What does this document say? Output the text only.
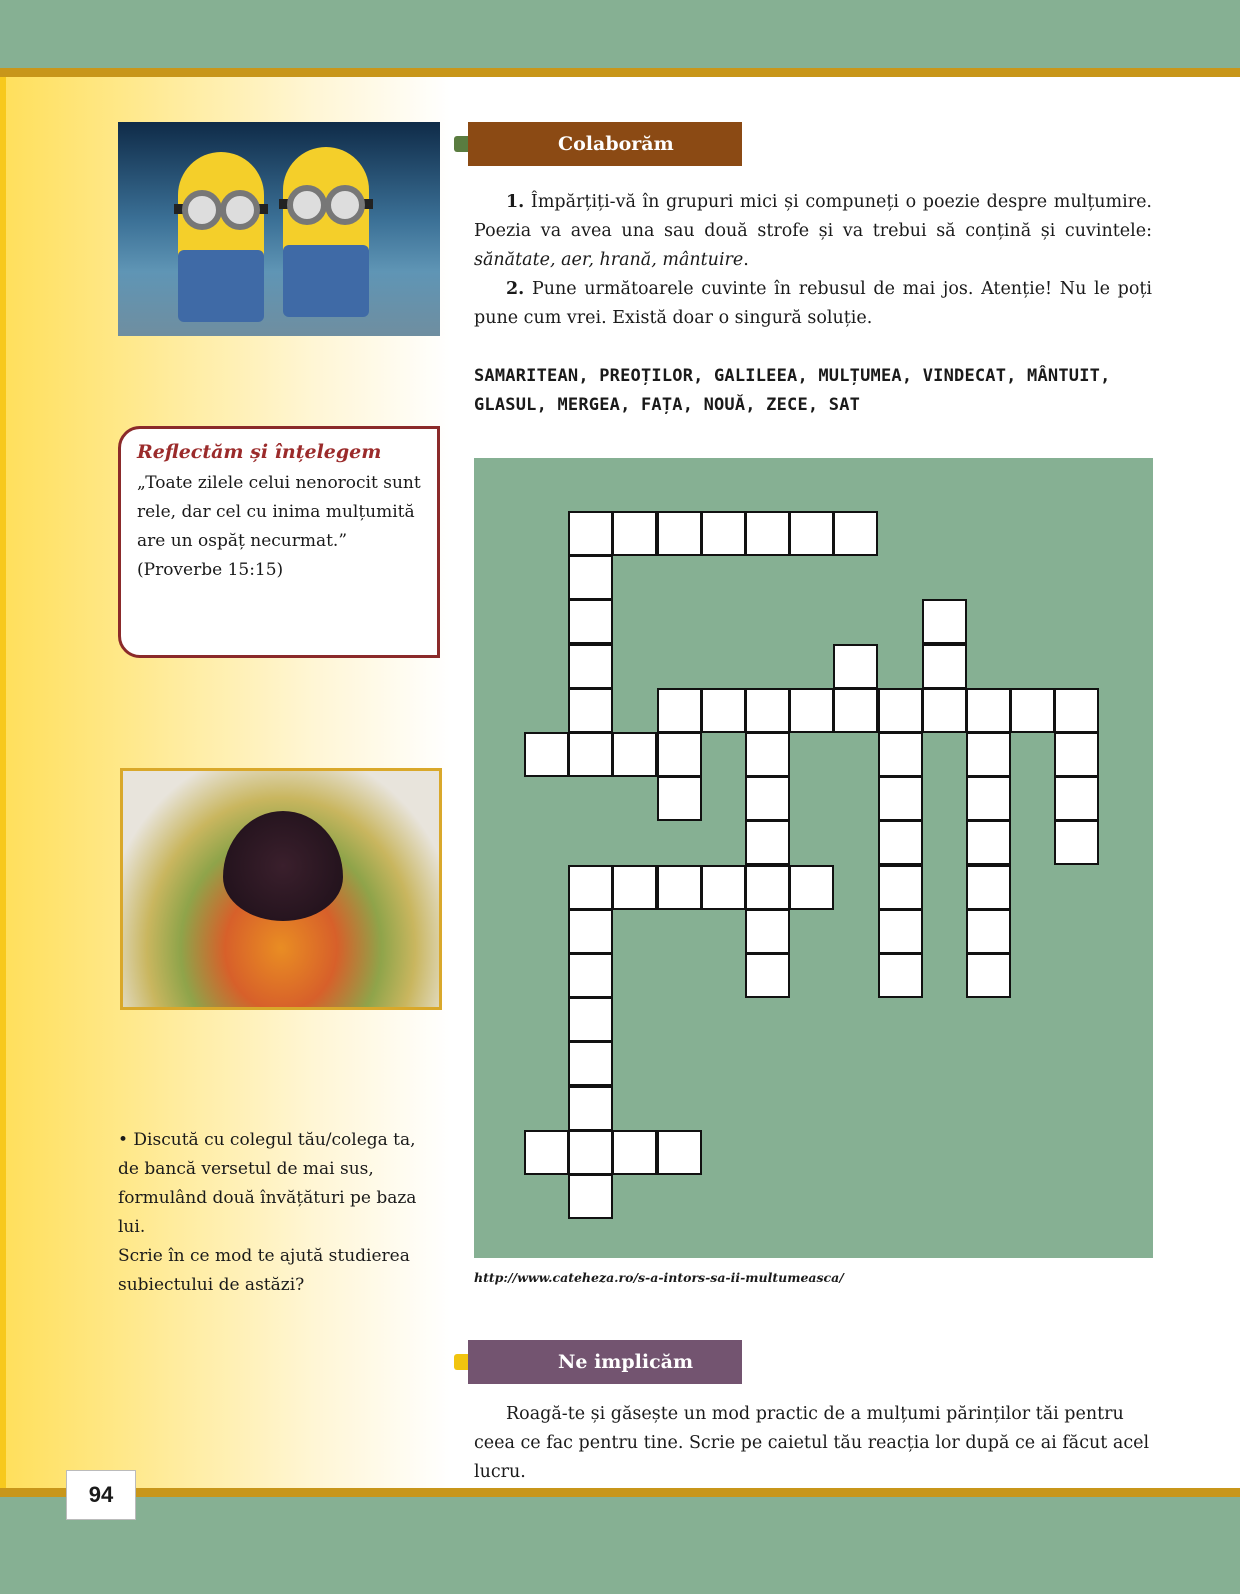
Colaborăm
1. Împărțiți-vă în grupuri mici și compuneți o poezie despre mulțumire. Poezia va avea una sau două strofe și va trebui să conțină și cuvintele: sănătate, aer, hrană, mântuire.
2. Pune următoarele cuvinte în rebusul de mai jos. Atenție! Nu le poți pune cum vrei. Există doar o singură soluție.
SAMARITEAN, PREOȚILOR, GALILEEA, MULȚUMEA, VINDECAT, MÂNTUIT, GLASUL, MERGEA, FAȚA, NOUĂ, ZECE, SAT
Reflectăm și înțelegem

„Toate zilele celui nenorocit sunt rele, dar cel cu inima mulțumită are un ospăț necurmat.”

(Proverbe 15:15)

http://www.cateheza.ro/s-a-intors-sa-ii-multumeasca/

• Discută cu colegul tău/colega ta, de bancă versetul de mai sus, formulând două învățături pe baza lui.

Scrie în ce mod te ajută studierea subiectului de astăzi?

Ne implicăm
Roagă-te și găsește un mod practic de a mulțumi părinților tăi pentru ceea ce fac pentru tine. Scrie pe caietul tău reacția lor după ce ai făcut acel lucru.
94
